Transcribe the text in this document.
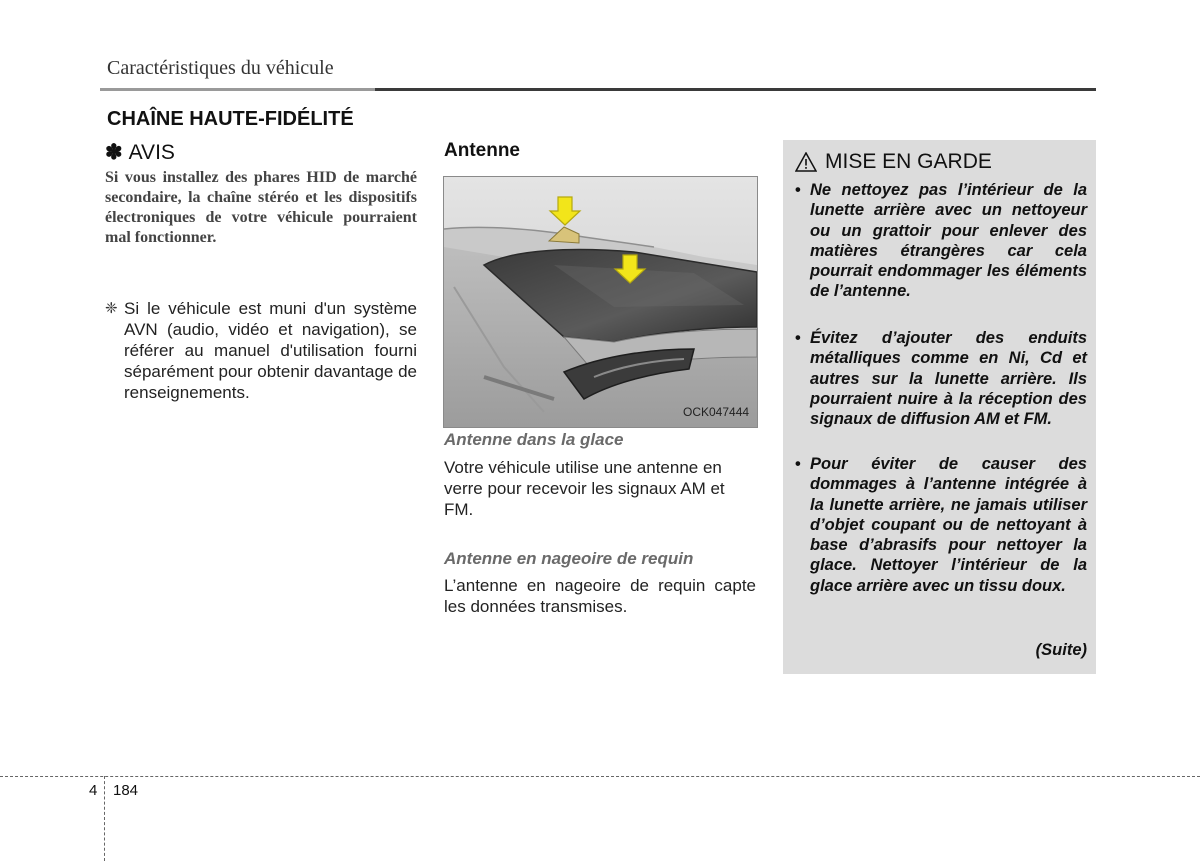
Caractéristiques du véhicule
CHAÎNE HAUTE-FIDÉLITÉ
✽ AVIS
Si vous installez des phares HID de marché secondaire, la chaîne stéréo et les dispositifs électroniques de votre véhicule pourraient mal fonctionner.
❈ Si le véhicule est muni d'un système AVN (audio, vidéo et navigation), se référer au manuel d'utilisation fourni séparément pour obtenir davantage de renseignements.
Antenne
OCK047444
Antenne dans la glace
Votre véhicule utilise une antenne en verre pour recevoir les signaux AM et FM.
Antenne en nageoire de requin
L’antenne en nageoire de requin capte les données transmises.
MISE EN GARDE
• Ne nettoyez pas l’intérieur de la lunette arrière avec un nettoyeur ou un grattoir pour enlever des matières étrangères car cela pourrait endommager les éléments de l’antenne.
• Évitez d’ajouter des enduits métalliques comme en Ni, Cd et autres sur la lunette arrière. Ils pourraient nuire à la réception des signaux de diffusion AM et FM.
• Pour éviter de causer des dommages à l’antenne intégrée à la lunette arrière, ne jamais utiliser d’objet coupant ou de nettoyant à base d’abrasifs pour nettoyer la glace. Nettoyer l’intérieur de la glace arrière avec un tissu doux.
(Suite)
4 184
